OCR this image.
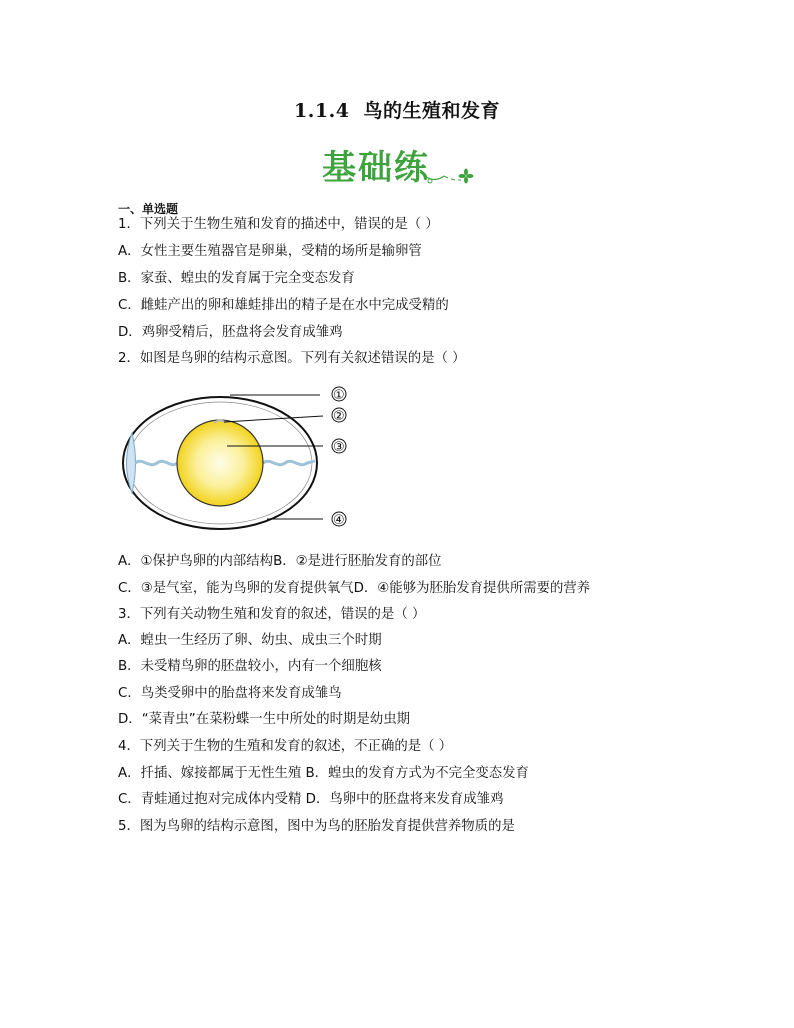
1.1.4 鸟的生殖和发育
基础练
一、单选题
1．下列关于生物生殖和发育的描述中，错误的是（ ）
A．女性主要生殖器官是卵巢，受精的场所是输卵管
B．家蚕、蝗虫的发育属于完全变态发育
C．雌蛙产出的卵和雄蛙排出的精子是在水中完成受精的
D．鸡卵受精后，胚盘将会发育成雏鸡
2．如图是鸟卵的结构示意图。下列有关叙述错误的是（ ）
①
②
③
④
A．①保护鸟卵的内部结构B．②是进行胚胎发育的部位
C．③是气室，能为鸟卵的发育提供氧气D．④能够为胚胎发育提供所需要的营养
3．下列有关动物生殖和发育的叙述，错误的是（ ）
A．蝗虫一生经历了卵、幼虫、成虫三个时期
B．未受精鸟卵的胚盘较小，内有一个细胞核
C．鸟类受卵中的胎盘将来发育成雏鸟
D．“菜青虫”在菜粉蝶一生中所处的时期是幼虫期
4．下列关于生物的生殖和发育的叙述，不正确的是（ ）
A．扦插、嫁接都属于无性生殖 B．蝗虫的发育方式为不完全变态发育
C．青蛙通过抱对完成体内受精 D．鸟卵中的胚盘将来发育成雏鸡
5．图为鸟卵的结构示意图，图中为鸟的胚胎发育提供营养物质的是
